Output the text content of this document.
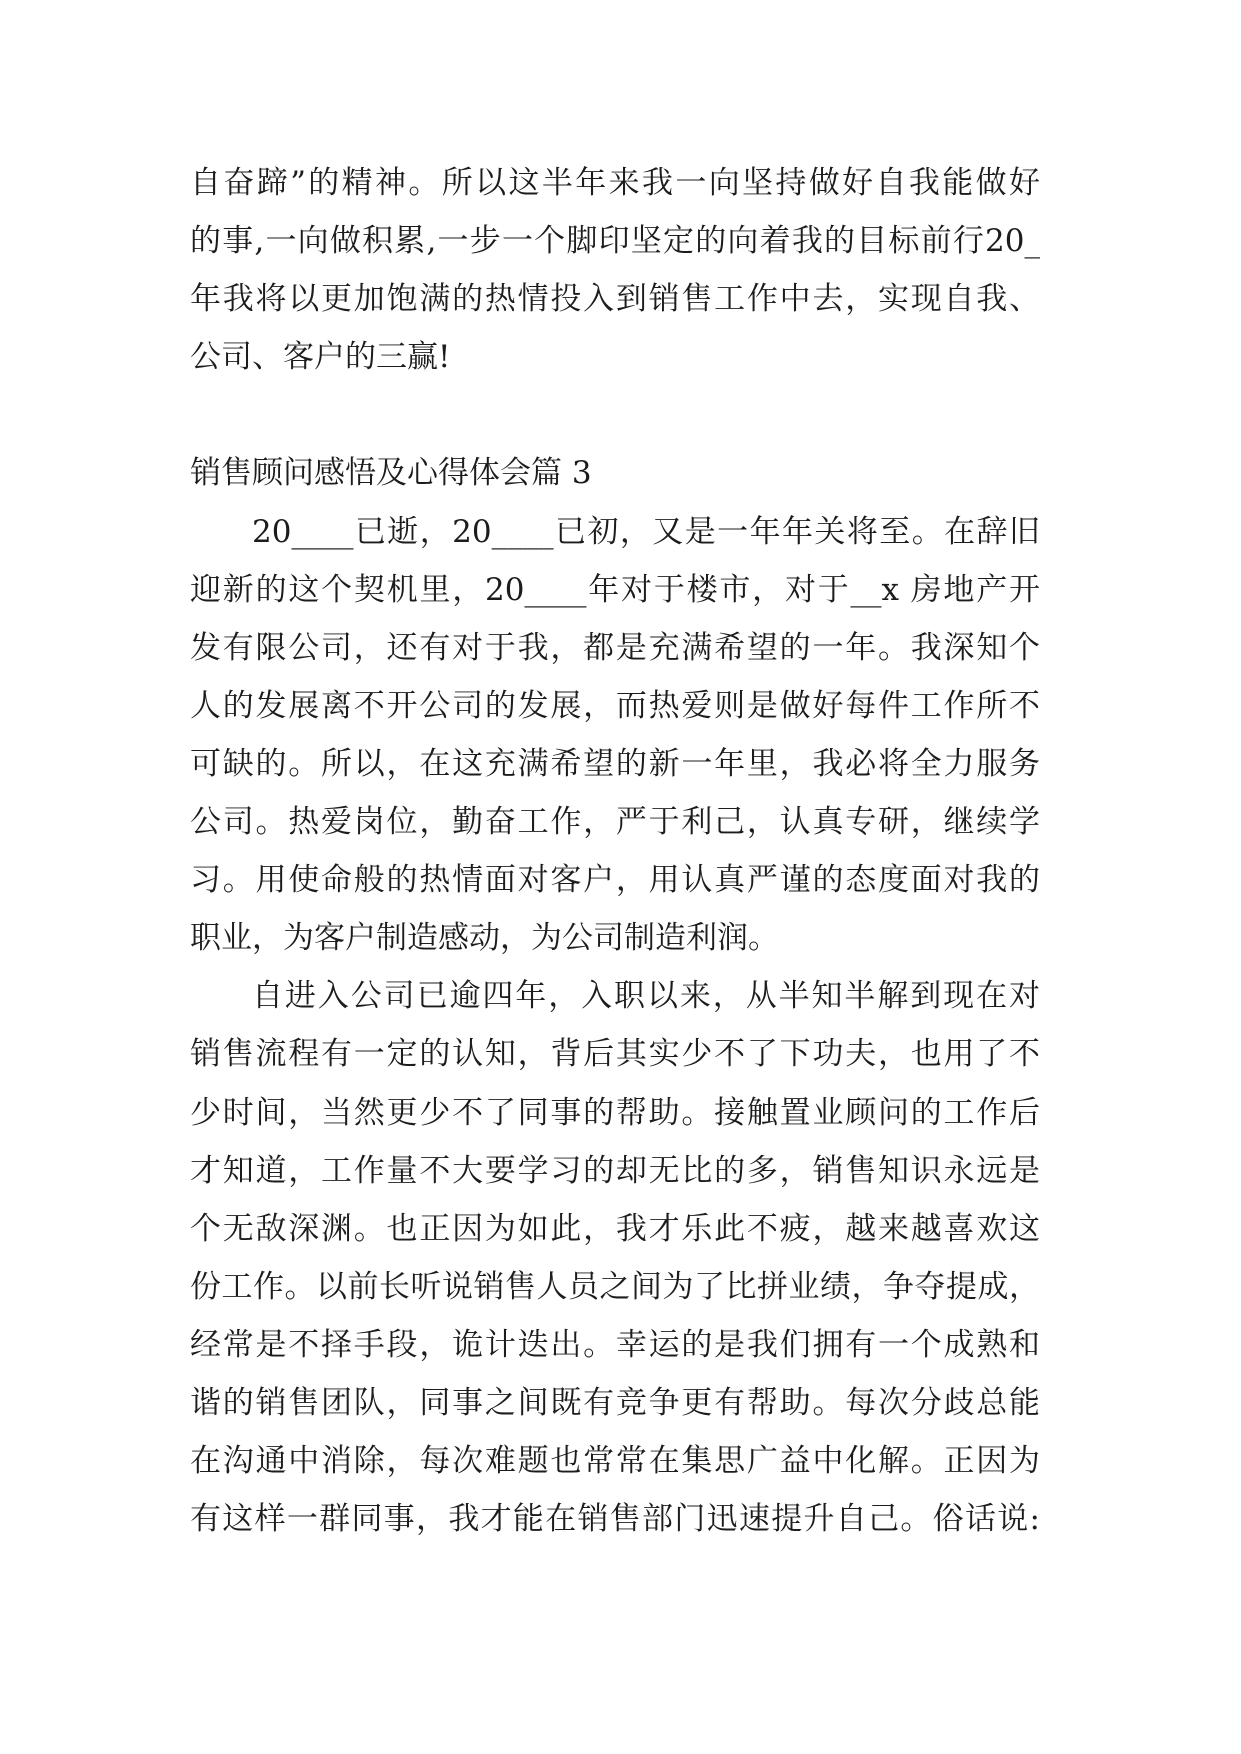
自奋蹄”的精神。所以这半年来我一向坚持做好自我能做好
的事,一向做积累,一步一个脚印坚定的向着我的目标前行20_
年我将以更加饱满的热情投入到销售工作中去，实现自我、
公司、客户的三赢!
销售顾问感悟及心得体会篇 3
20____已逝，20____已初，又是一年年关将至。在辞旧
迎新的这个契机里，20____年对于楼市，对于__x 房地产开
发有限公司，还有对于我，都是充满希望的一年。我深知个
人的发展离不开公司的发展，而热爱则是做好每件工作所不
可缺的。所以，在这充满希望的新一年里，我必将全力服务
公司。热爱岗位，勤奋工作，严于利己，认真专研，继续学
习。用使命般的热情面对客户，用认真严谨的态度面对我的
职业，为客户制造感动，为公司制造利润。
自进入公司已逾四年，入职以来，从半知半解到现在对
销售流程有一定的认知，背后其实少不了下功夫，也用了不
少时间，当然更少不了同事的帮助。接触置业顾问的工作后
才知道，工作量不大要学习的却无比的多，销售知识永远是
个无敌深渊。也正因为如此，我才乐此不疲，越来越喜欢这
份工作。以前长听说销售人员之间为了比拼业绩，争夺提成，
经常是不择手段，诡计迭出。幸运的是我们拥有一个成熟和
谐的销售团队，同事之间既有竞争更有帮助。每次分歧总能
在沟通中消除，每次难题也常常在集思广益中化解。正因为
有这样一群同事，我才能在销售部门迅速提升自己。俗话说:
